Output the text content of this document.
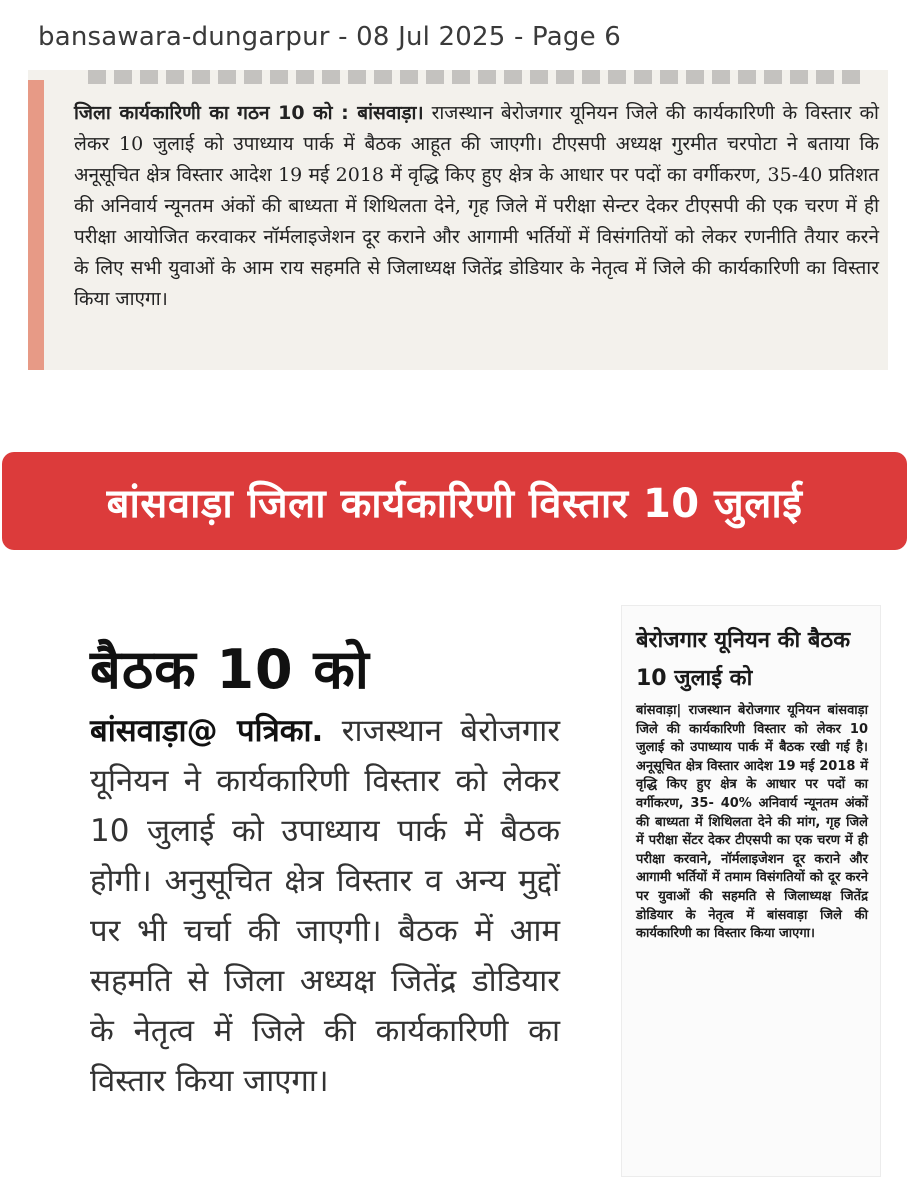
bansawara-dungarpur - 08 Jul 2025 - Page 6
जिला कार्यकारिणी का गठन 10 को : बांसवाड़ा। राजस्थान बेरोजगार यूनियन जिले की कार्यकारिणी के विस्तार को लेकर 10 जुलाई को उपाध्याय पार्क में बैठक आहूत की जाएगी। टीएसपी अध्यक्ष गुरमीत चरपोटा ने बताया कि अनूसूचित क्षेत्र विस्तार आदेश 19 मई 2018 में वृद्धि किए हुए क्षेत्र के आधार पर पदों का वर्गीकरण, 35-40 प्रतिशत की अनिवार्य न्यूनतम अंकों की बाध्यता में शिथिलता देने, गृह जिले में परीक्षा सेन्टर देकर टीएसपी की एक चरण में ही परीक्षा आयोजित करवाकर नॉर्मलाइजेशन दूर कराने और आगामी भर्तियों में विसंगतियों को लेकर रणनीति तैयार करने के लिए सभी युवाओं के आम राय सहमति से जिलाध्यक्ष जितेंद्र डोडियार के नेतृत्व में जिले की कार्यकारिणी का विस्तार किया जाएगा।
बांसवाड़ा जिला कार्यकारिणी विस्तार 10 जुलाई
बैठक 10 को
बांसवाड़ा@ पत्रिका. राजस्थान बेरोजगार यूनियन ने कार्यकारिणी विस्तार को लेकर 10 जुलाई को उपाध्याय पार्क में बैठक होगी। अनुसूचित क्षेत्र विस्तार व अन्य मुद्दों पर भी चर्चा की जाएगी। बैठक में आम सहमति से जिला अध्यक्ष जितेंद्र डोडियार के नेतृत्व में जिले की कार्यकारिणी का विस्तार किया जाएगा।
बेरोजगार यूनियन की बैठक 10 जुलाई को
बांसवाड़ा| राजस्थान बेरोजगार यूनियन बांसवाड़ा जिले की कार्यकारिणी विस्तार को लेकर 10 जुलाई को उपाध्याय पार्क में बैठक रखी गई है। अनूसूचित क्षेत्र विस्तार आदेश 19 मई 2018 में वृद्धि किए हुए क्षेत्र के आधार पर पदों का वर्गीकरण, 35- 40% अनिवार्य न्यूनतम अंकों की बाध्यता में शिथिलता देने की मांग, गृह जिले में परीक्षा सेंटर देकर टीएसपी का एक चरण में ही परीक्षा करवाने, नॉर्मलाइजेशन दूर कराने और आगामी भर्तियों में तमाम विसंगतियों को दूर करने पर युवाओं की सहमति से जिलाध्यक्ष जितेंद्र डोडियार के नेतृत्व में बांसवाड़ा जिले की कार्यकारिणी का विस्तार किया जाएगा।
